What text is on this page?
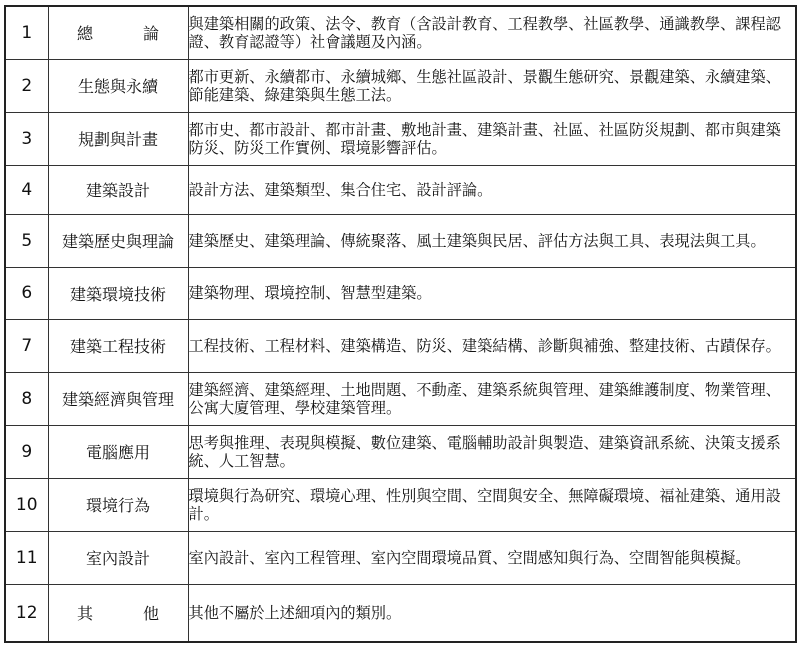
1	總論	與建築相關的政策、法令、教育（含設計教育、工程教學、社區教學、通識教學、課程認證、教育認證等）社會議題及內涵。
2	生態與永續	都市更新、永續都市、永續城鄉、生態社區設計、景觀生態研究、景觀建築、永續建築、節能建築、綠建築與生態工法。
3	規劃與計畫	都市史、都市設計、都市計畫、敷地計畫、建築計畫、社區、社區防災規劃、都市與建築防災、防災工作實例、環境影響評估。
4	建築設計	設計方法、建築類型、集合住宅、設計評論。
5	建築歷史與理論	建築歷史、建築理論、傳統聚落、風土建築與民居、評估方法與工具、表現法與工具。
6	建築環境技術	建築物理、環境控制、智慧型建築。
7	建築工程技術	工程技術、工程材料、建築構造、防災、建築結構、診斷與補強、整建技術、古蹟保存。
8	建築經濟與管理	建築經濟、建築經理、土地問題、不動產、建築系統與管理、建築維護制度、物業管理、公寓大廈管理、學校建築管理。
9	電腦應用	思考與推理、表現與模擬、數位建築、電腦輔助設計與製造、建築資訊系統、決策支援系統、人工智慧。
10	環境行為	環境與行為研究、環境心理、性別與空間、空間與安全、無障礙環境、福祉建築、通用設計。
11	室內設計	室內設計、室內工程管理、室內空間環境品質、空間感知與行為、空間智能與模擬。
12	其他	其他不屬於上述細項內的類別。
